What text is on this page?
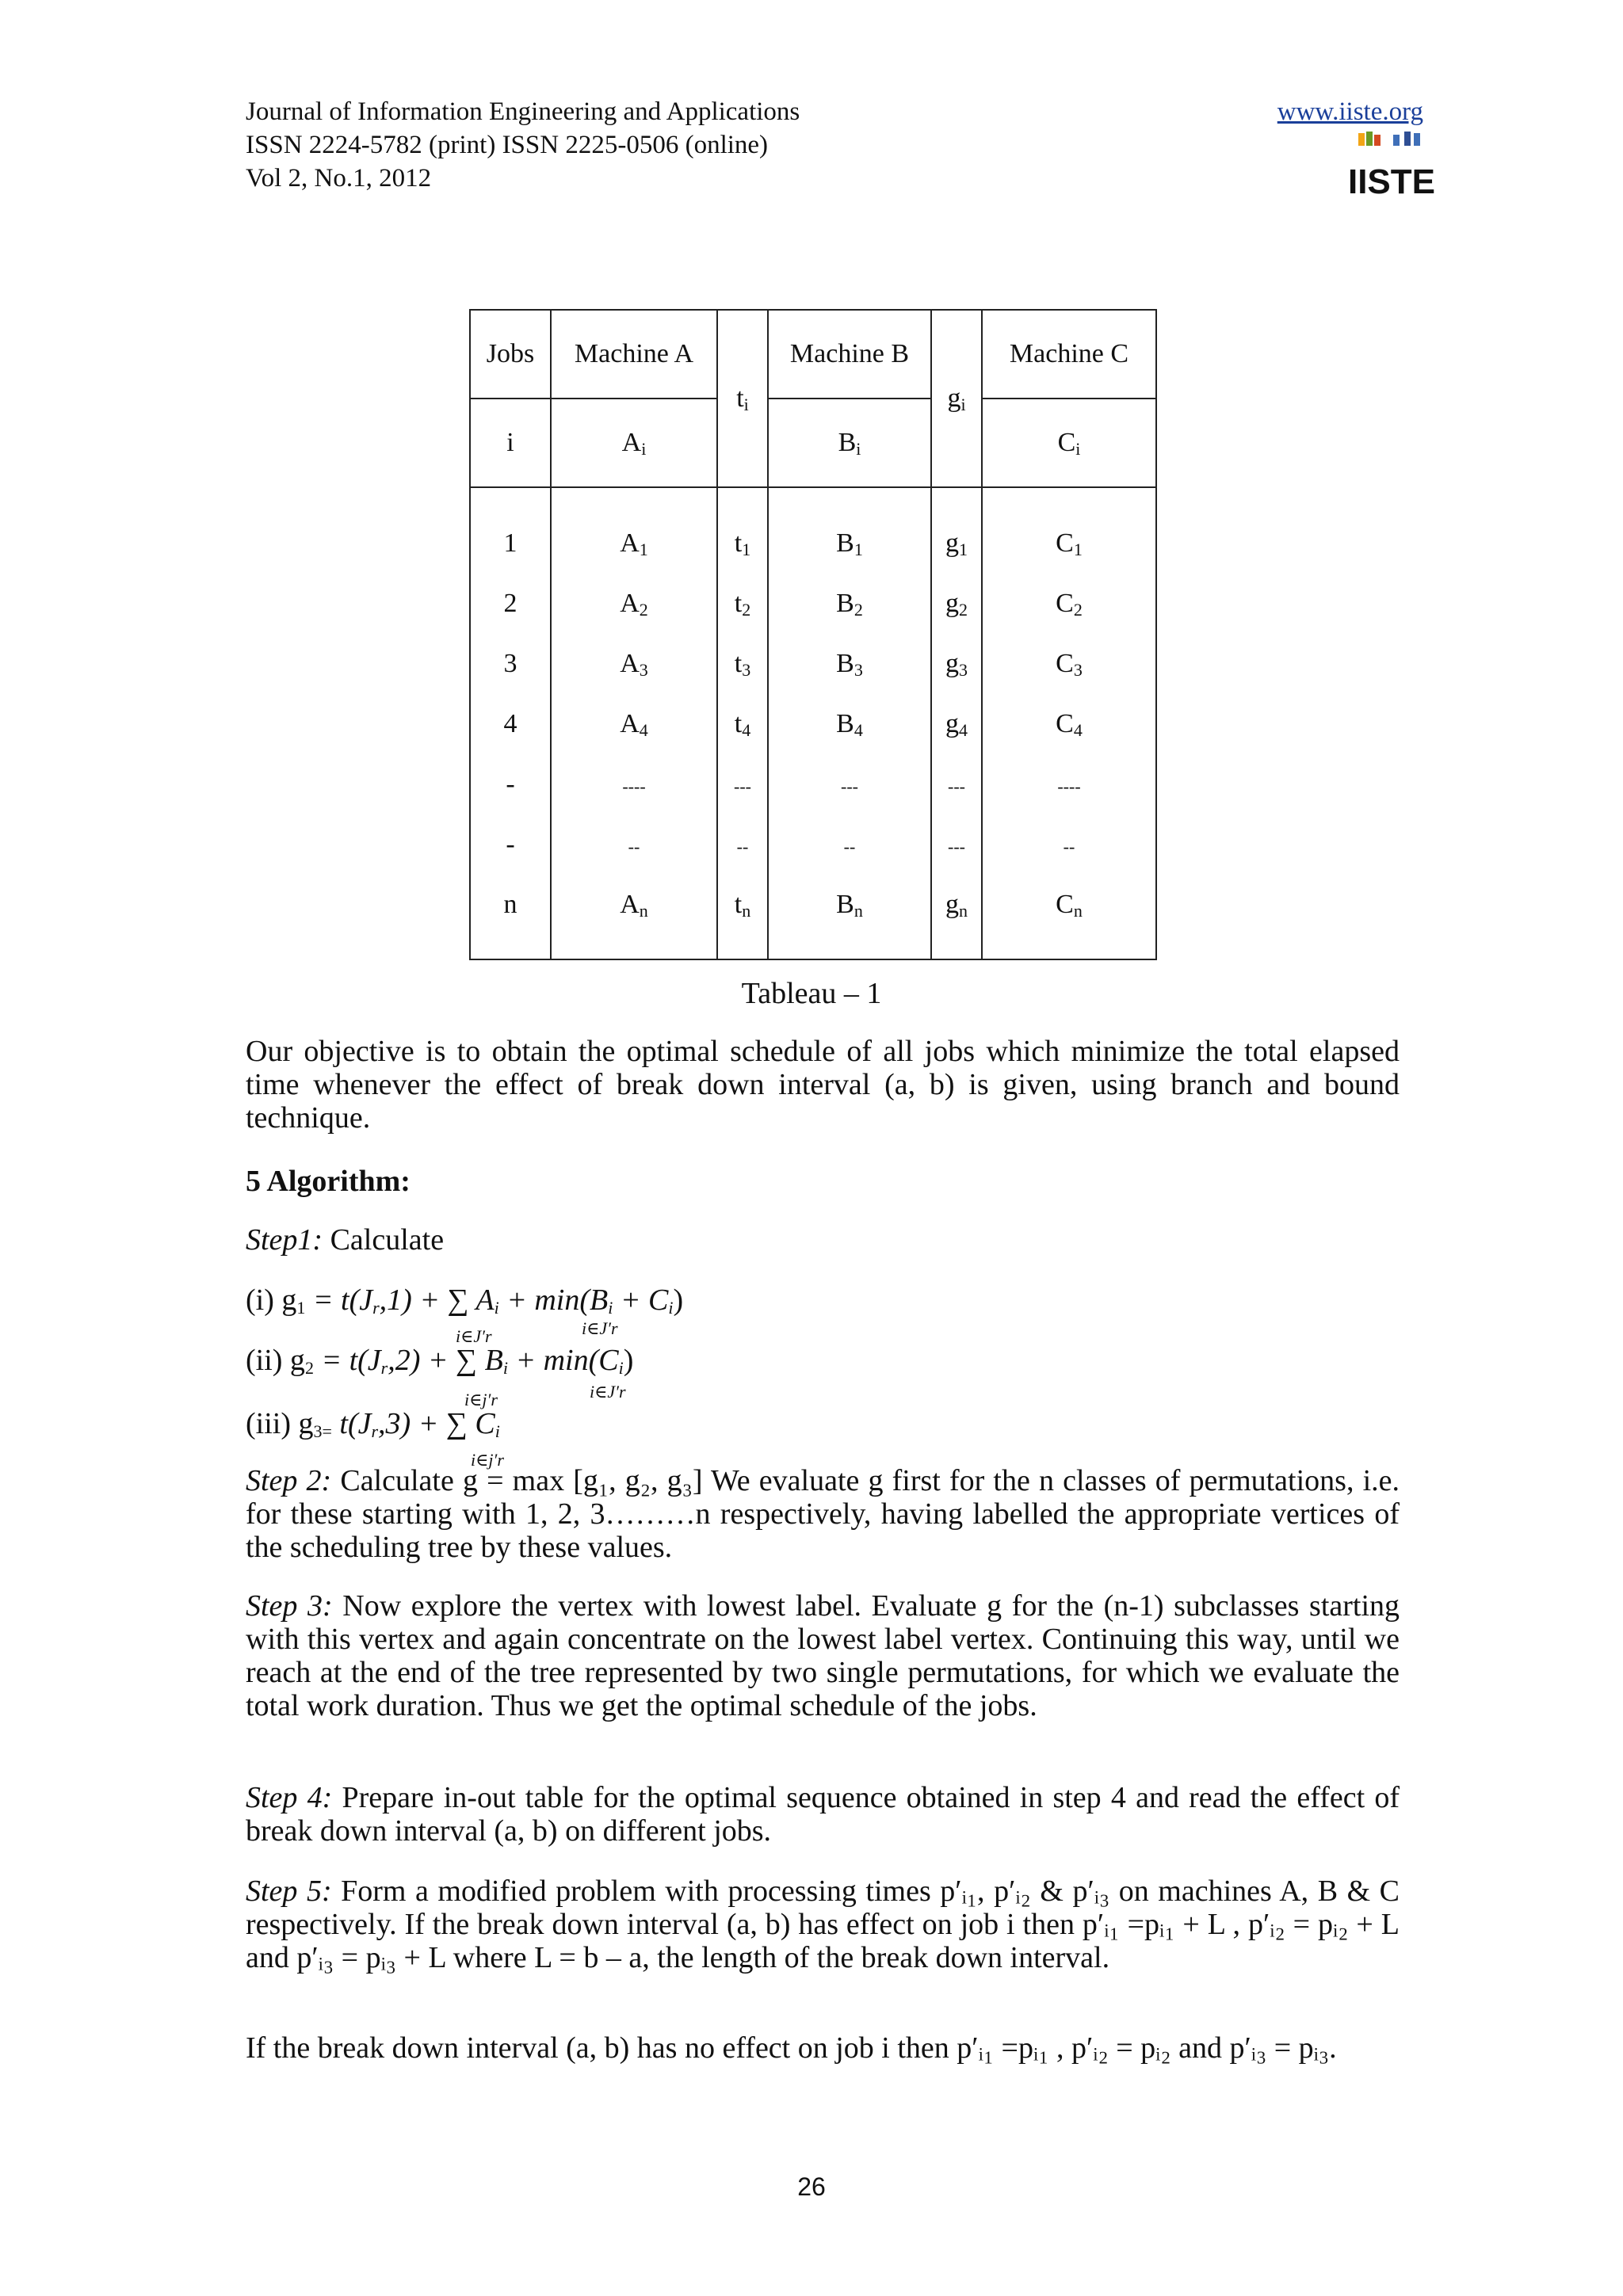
Journal of Information Engineering and Applications
ISSN 2224-5782 (print) ISSN 2225-0506 (online)
Vol 2, No.1, 2012
www.iiste.org
IISTE
Jobs	Machine A	$t_i$	Machine B	$g_i$	Machine C
i	$A_i$		$B_i$		$C_i$
1	$A_1$	$t_1$	$B_1$	$g_1$	$C_1$
2	$A_2$	$t_2$	$B_2$	$g_2$	$C_2$
3	$A_3$	$t_3$	$B_3$	$g_3$	$C_3$
4	$A_4$	$t_4$	$B_4$	$g_4$	$C_4$
-	----	---	---	---	----
-	--	--	--	---	--
n	$A_n$	$t_n$	$B_n$	$g_n$	$C_n$
Tableau – 1
Our objective is to obtain the optimal schedule of all jobs which minimize the total elapsed time whenever the effect of break down interval (a, b) is given, using branch and bound technique.
5 Algorithm:
Step1: Calculate
(i) $g_1 = t(J_r,1)$ + ∑ $A_i + \min(B_i + C_i)$
i∈J′r	i∈J′r
(ii) $g_2 = t(J_r,2)$ + ∑ $B_i + \min(C_i)$
i∈j′r	i∈J′r
(iii) $g_{3=}$ $t(J_r,3)$ + ∑ $C_i$
i∈j′r
Step 2: Calculate g = max [g₁, g₂, g₃] We evaluate g first for the n classes of permutations, i.e. for these starting with 1, 2, 3………n respectively, having labelled the appropriate vertices of the scheduling tree by these values.
Step 3: Now explore the vertex with lowest label. Evaluate g for the (n-1) subclasses starting with this vertex and again concentrate on the lowest label vertex. Continuing this way, until we reach at the end of the tree represented by two single permutations, for which we evaluate the total work duration. Thus we get the optimal schedule of the jobs.
Step 4: Prepare in-out table for the optimal sequence obtained in step 4 and read the effect of break down interval (a, b) on different jobs.
Step 5: Form a modified problem with processing times p′ᵢ₁, p′ᵢ₂ & p′ᵢ₃ on machines A, B & C respectively. If the break down interval (a, b) has effect on job i then p′ᵢ₁ =pᵢ₁ + L , p′ᵢ₂ = pᵢ₂ + L and p′ᵢ₃ = pᵢ₃ + L where L = b – a, the length of the break down interval.
If the break down interval (a, b) has no effect on job i then p′ᵢ₁ =pᵢ₁ , p′ᵢ₂ = pᵢ₂ and p′ᵢ₃ = pᵢ₃.
26
